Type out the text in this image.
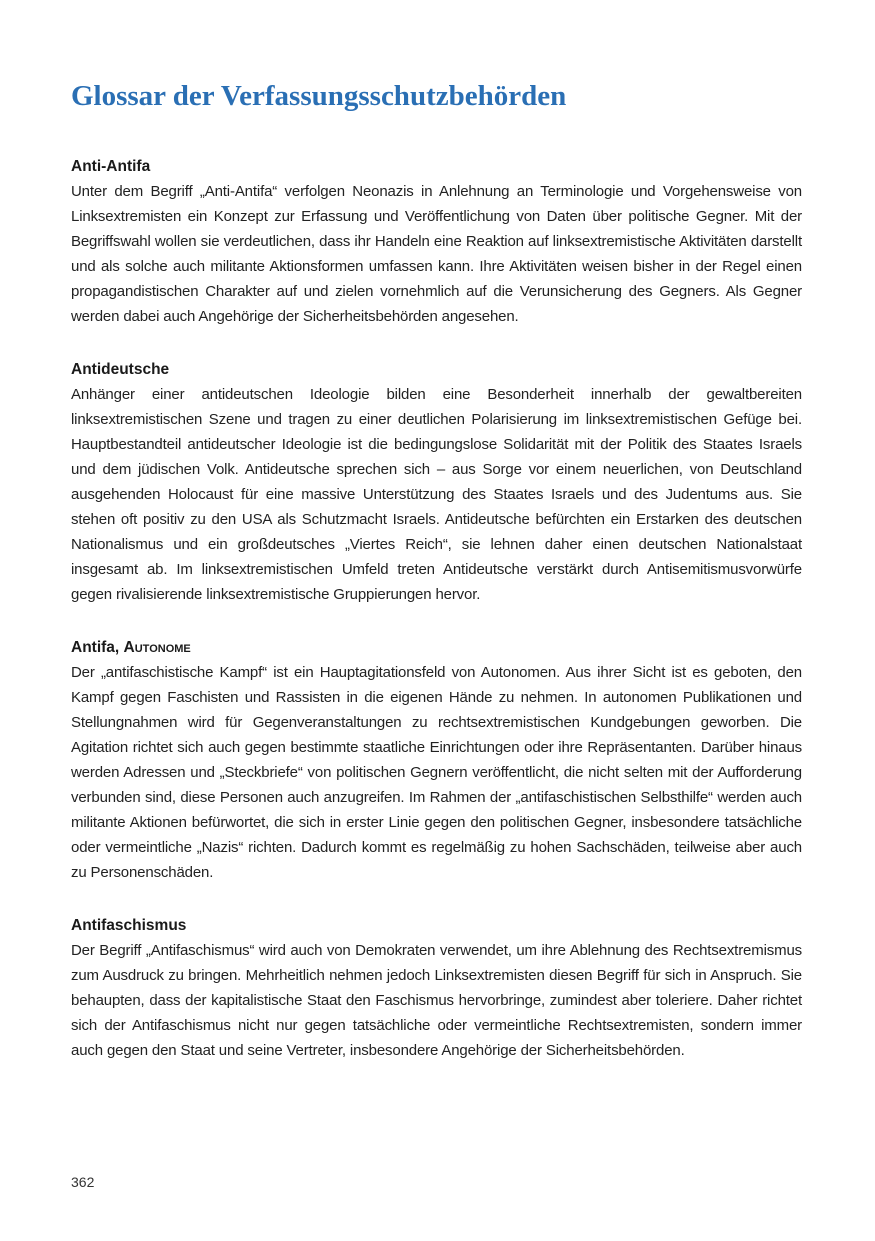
Glossar der Verfassungsschutzbehörden
Anti-Antifa

Unter dem Begriff „Anti-Antifa“ verfolgen Neonazis in Anlehnung an Terminologie und Vorgehensweise von Linksextremisten ein Konzept zur Erfassung und Veröffentlichung von Daten über politische Gegner. Mit der Begriffswahl wollen sie verdeutlichen, dass ihr Handeln eine Reaktion auf linksextremistische Aktivitäten darstellt und als solche auch militante Aktionsformen umfassen kann. Ihre Aktivitäten weisen bisher in der Regel einen propagandistischen Charakter auf und zielen vornehmlich auf die Verunsicherung des Gegners. Als Gegner werden dabei auch Angehörige der Sicherheitsbehörden angesehen.

Antideutsche

Anhänger einer antideutschen Ideologie bilden eine Besonderheit innerhalb der gewaltbereiten linksextremistischen Szene und tragen zu einer deutlichen Polarisierung im linksextremistischen Gefüge bei. Hauptbestandteil antideutscher Ideologie ist die bedingungslose Solidarität mit der Politik des Staates Israels und dem jüdischen Volk. Antideutsche sprechen sich – aus Sorge vor einem neuerlichen, von Deutschland ausgehenden Holocaust für eine massive Unterstützung des Staates Israels und des Judentums aus. Sie stehen oft positiv zu den USA als Schutzmacht Israels. Antideutsche befürchten ein Erstarken des deutschen Nationalismus und ein großdeutsches „Viertes Reich“, sie lehnen daher einen deutschen Nationalstaat insgesamt ab. Im linksextremistischen Umfeld treten Antideutsche verstärkt durch Antisemitismusvorwürfe gegen rivalisierende linksextremistische Gruppierungen hervor.

Antifa, Autonome

Der „antifaschistische Kampf“ ist ein Hauptagitationsfeld von Autonomen. Aus ihrer Sicht ist es geboten, den Kampf gegen Faschisten und Rassisten in die eigenen Hände zu nehmen. In autonomen Publikationen und Stellungnahmen wird für Gegenveranstaltungen zu rechtsextremistischen Kundgebungen geworben. Die Agitation richtet sich auch gegen bestimmte staatliche Einrichtungen oder ihre Repräsentanten. Darüber hinaus werden Adressen und „Steckbriefe“ von politischen Gegnern veröffentlicht, die nicht selten mit der Aufforderung verbunden sind, diese Personen auch anzugreifen. Im Rahmen der „antifaschistischen Selbsthilfe“ werden auch militante Aktionen befürwortet, die sich in erster Linie gegen den politischen Gegner, insbesondere tatsächliche oder vermeintliche „Nazis“ richten. Dadurch kommt es regelmäßig zu hohen Sachschäden, teilweise aber auch zu Personenschäden.

Antifaschismus

Der Begriff „Antifaschismus“ wird auch von Demokraten verwendet, um ihre Ablehnung des Rechtsextremismus zum Ausdruck zu bringen. Mehrheitlich nehmen jedoch Linksextremisten diesen Begriff für sich in Anspruch. Sie behaupten, dass der kapitalistische Staat den Faschismus hervorbringe, zumindest aber toleriere. Daher richtet sich der Antifaschismus nicht nur gegen tatsächliche oder vermeintliche Rechtsextremisten, sondern immer auch gegen den Staat und seine Vertreter, insbesondere Angehörige der Sicherheitsbehörden.

362
